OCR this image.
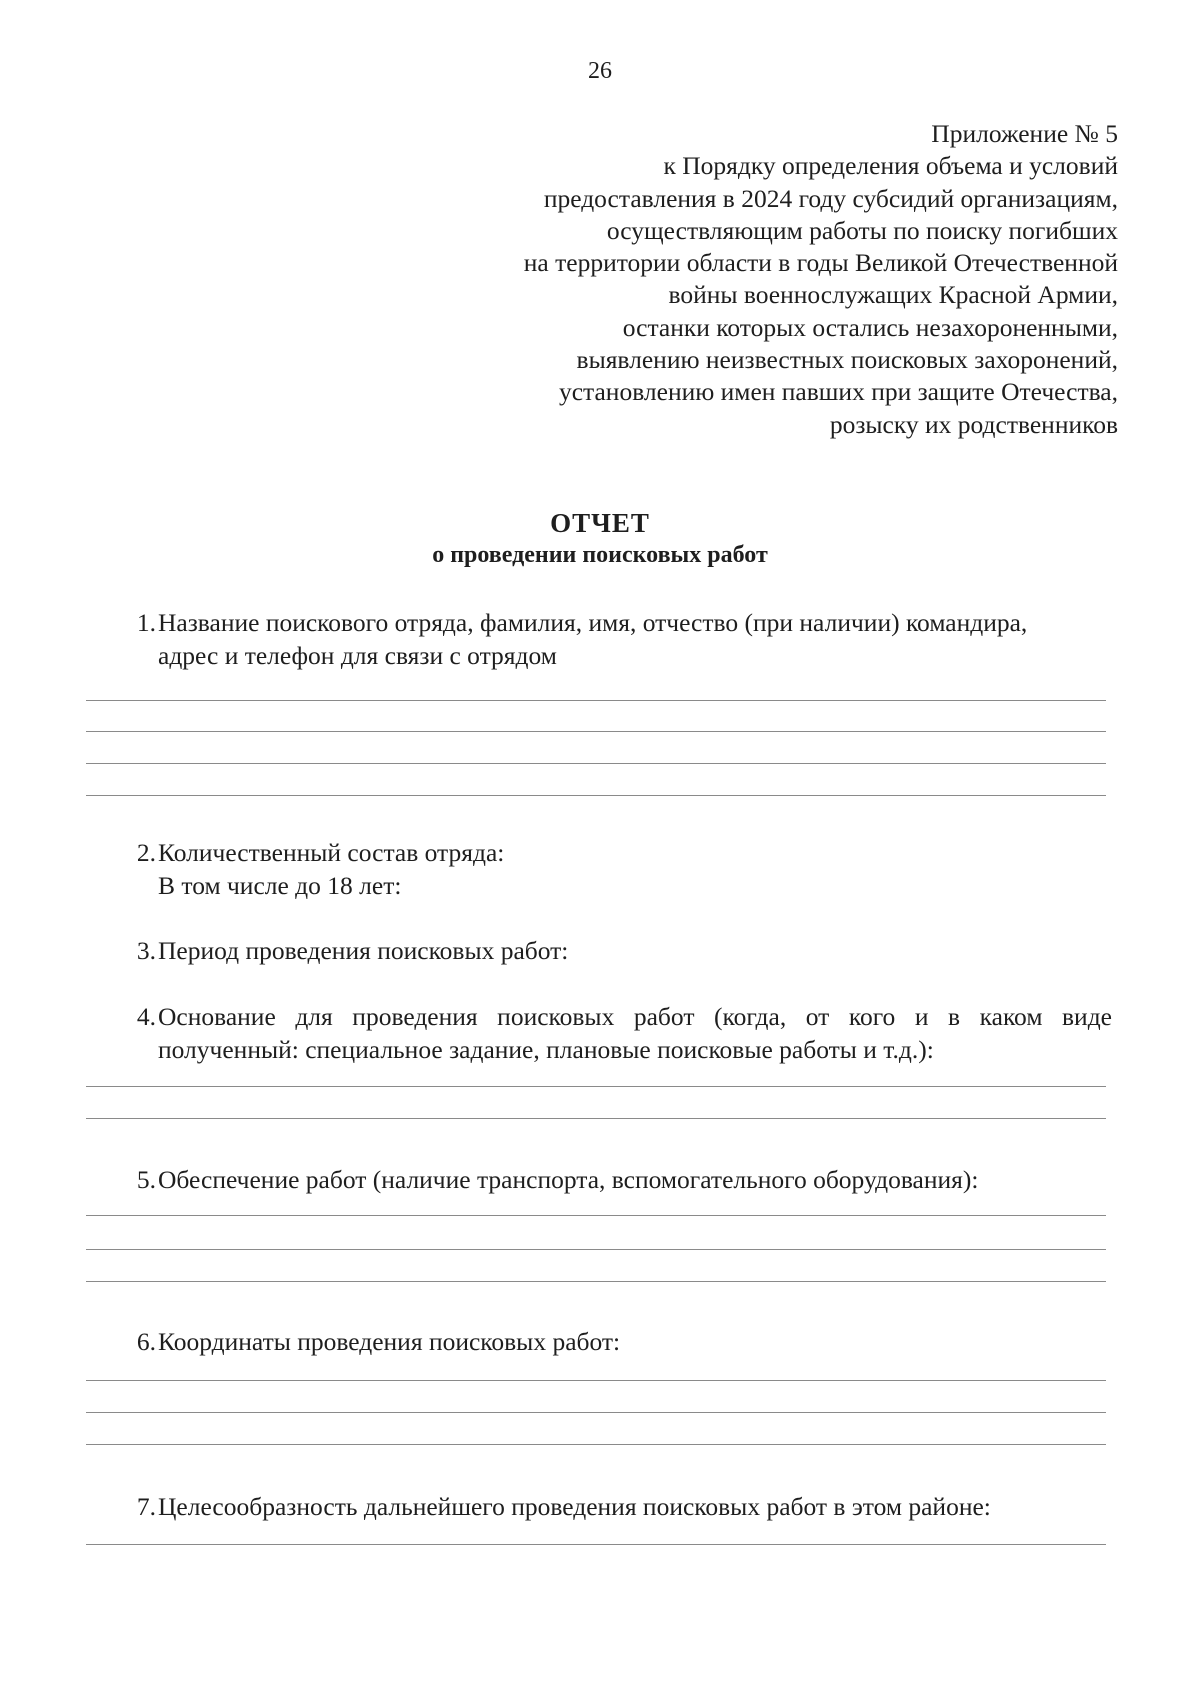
26
Приложение № 5
к Порядку определения объема и условий
предоставления в 2024 году субсидий организациям,
осуществляющим работы по поиску погибших
на территории области в годы Великой Отечественной
войны военнослужащих Красной Армии,
останки которых остались незахороненными,
выявлению неизвестных поисковых захоронений,
установлению имен павших при защите Отечества,
розыску их родственников
ОТЧЕТ
о проведении поисковых работ
1. Название поискового отряда, фамилия, имя, отчество (при наличии) командира,
адрес и телефон для связи с отрядом
2. Количественный состав отряда:
В том числе до 18 лет:
3. Период проведения поисковых работ:
4. Основание для проведения поисковых работ (когда, от кого и в каком виде полученный: специальное задание, плановые поисковые работы и т.д.):
5. Обеспечение работ (наличие транспорта, вспомогательного оборудования):
6. Координаты проведения поисковых работ:
7. Целесообразность дальнейшего проведения поисковых работ в этом районе:
